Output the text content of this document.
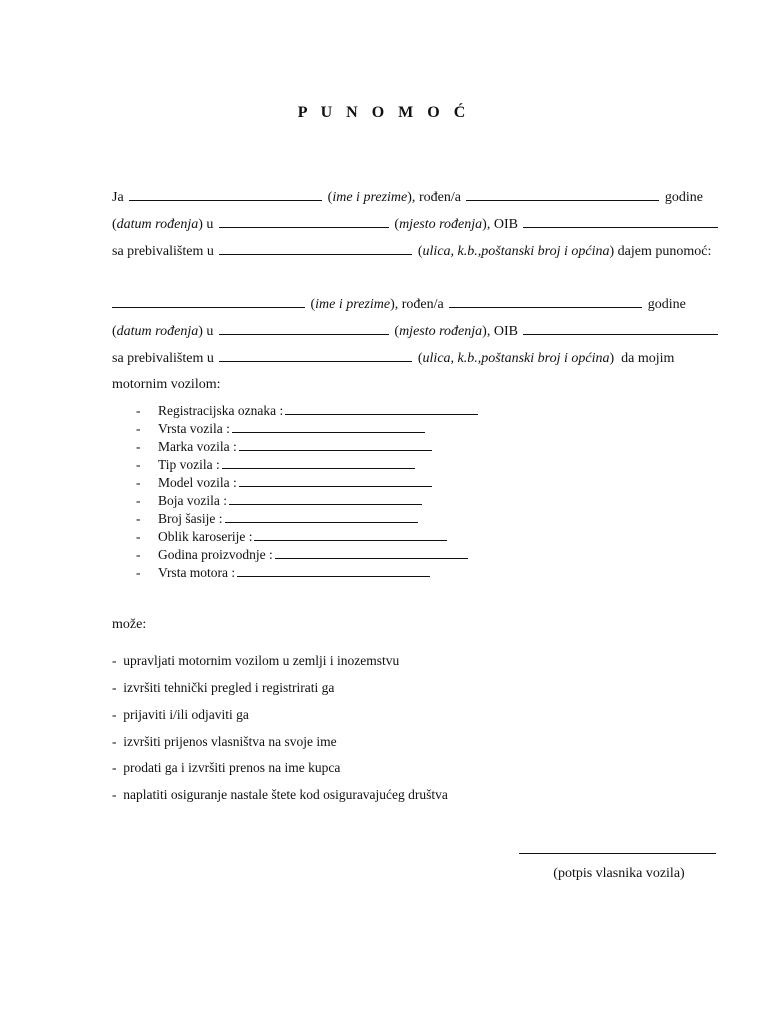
P U N O M O Ć
Ja	(ime i prezime), rođen/a	godine
(datum rođenja) u	(mjesto rođenja), OIB
sa prebivalištem u	(ulica, k.b.,poštanski broj i općina) dajem punomoć:
(ime i prezime), rođen/a	godine
(datum rođenja) u	(mjesto rođenja), OIB
sa prebivalištem u	(ulica, k.b.,poštanski broj i općina)  da mojim
motornim vozilom:
- Registracijska oznaka :
- Vrsta vozila :
- Marka vozila :
- Tip vozila :
- Model vozila :
- Boja vozila :
- Broj šasije :
- Oblik karoserije :
- Godina proizvodnje :
- Vrsta motora :
može:
- upravljati motornim vozilom u zemlji i inozemstvu
- izvršiti tehnički pregled i registrirati ga
- prijaviti i/ili odjaviti ga
- izvršiti prijenos vlasništva na svoje ime
- prodati ga i izvršiti prenos na ime kupca
- naplatiti osiguranje nastale štete kod osiguravajućeg društva
(potpis vlasnika vozila)
